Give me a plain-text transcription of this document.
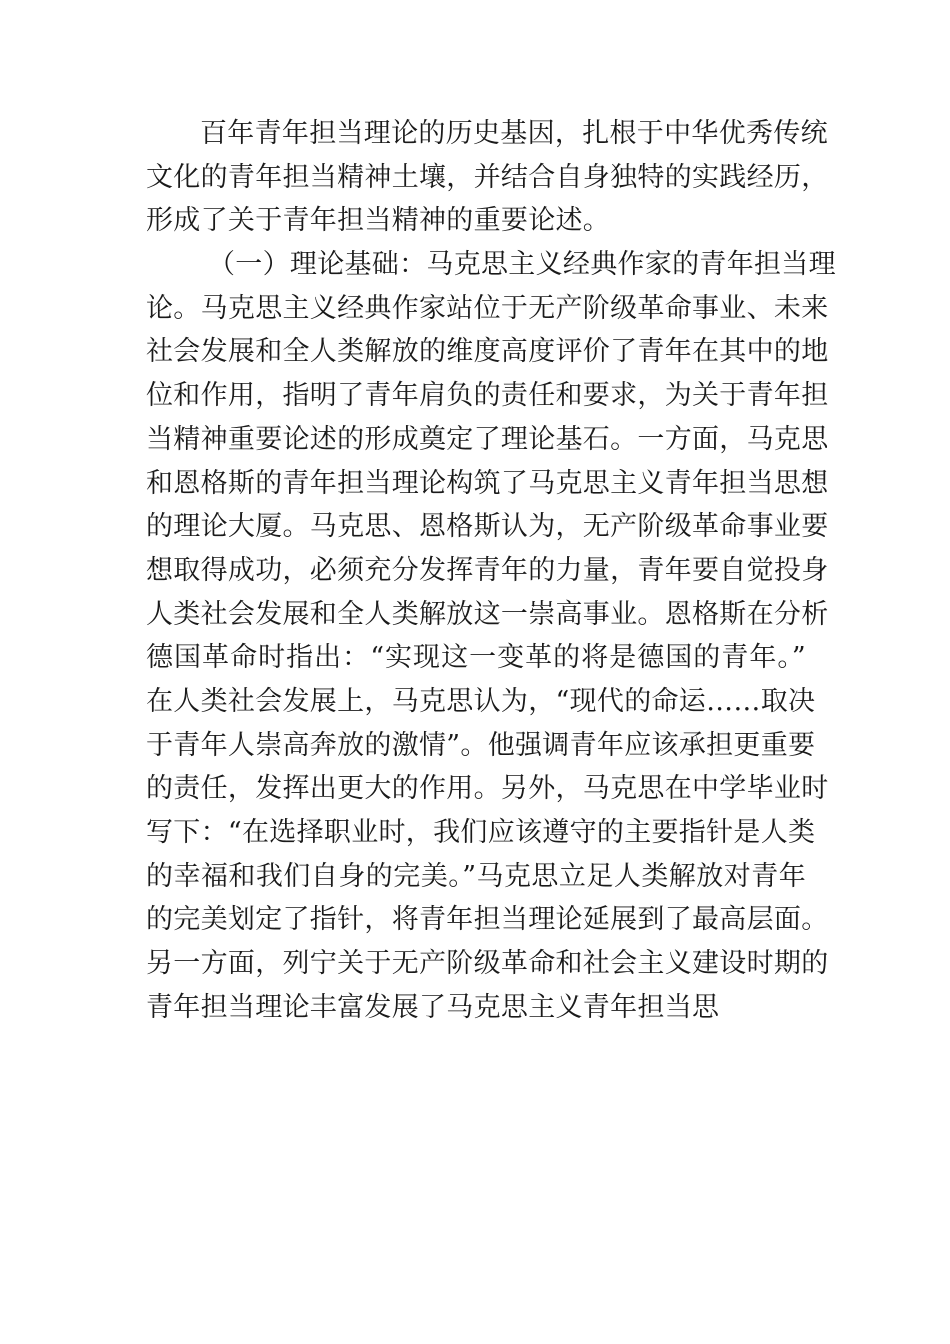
百年青年担当理论的历史基因，扎根于中华优秀传统
文化的青年担当精神土壤，并结合自身独特的实践经历，
形成了关于青年担当精神的重要论述。
（一）理论基础：马克思主义经典作家的青年担当理
论。马克思主义经典作家站位于无产阶级革命事业、未来
社会发展和全人类解放的维度高度评价了青年在其中的地
位和作用，指明了青年肩负的责任和要求，为关于青年担
当精神重要论述的形成奠定了理论基石。一方面，马克思
和恩格斯的青年担当理论构筑了马克思主义青年担当思想
的理论大厦。马克思、恩格斯认为，无产阶级革命事业要
想取得成功，必须充分发挥青年的力量，青年要自觉投身
人类社会发展和全人类解放这一崇高事业。恩格斯在分析
德国革命时指出：“实现这一变革的将是德国的青年。”
在人类社会发展上，马克思认为，“现代的命运……取决
于青年人崇高奔放的激情”。他强调青年应该承担更重要
的责任，发挥出更大的作用。另外，马克思在中学毕业时
写下：“在选择职业时，我们应该遵守的主要指针是人类
的幸福和我们自身的完美。”马克思立足人类解放对青年
的完美划定了指针，将青年担当理论延展到了最高层面。
另一方面，列宁关于无产阶级革命和社会主义建设时期的
青年担当理论丰富发展了马克思主义青年担当思
